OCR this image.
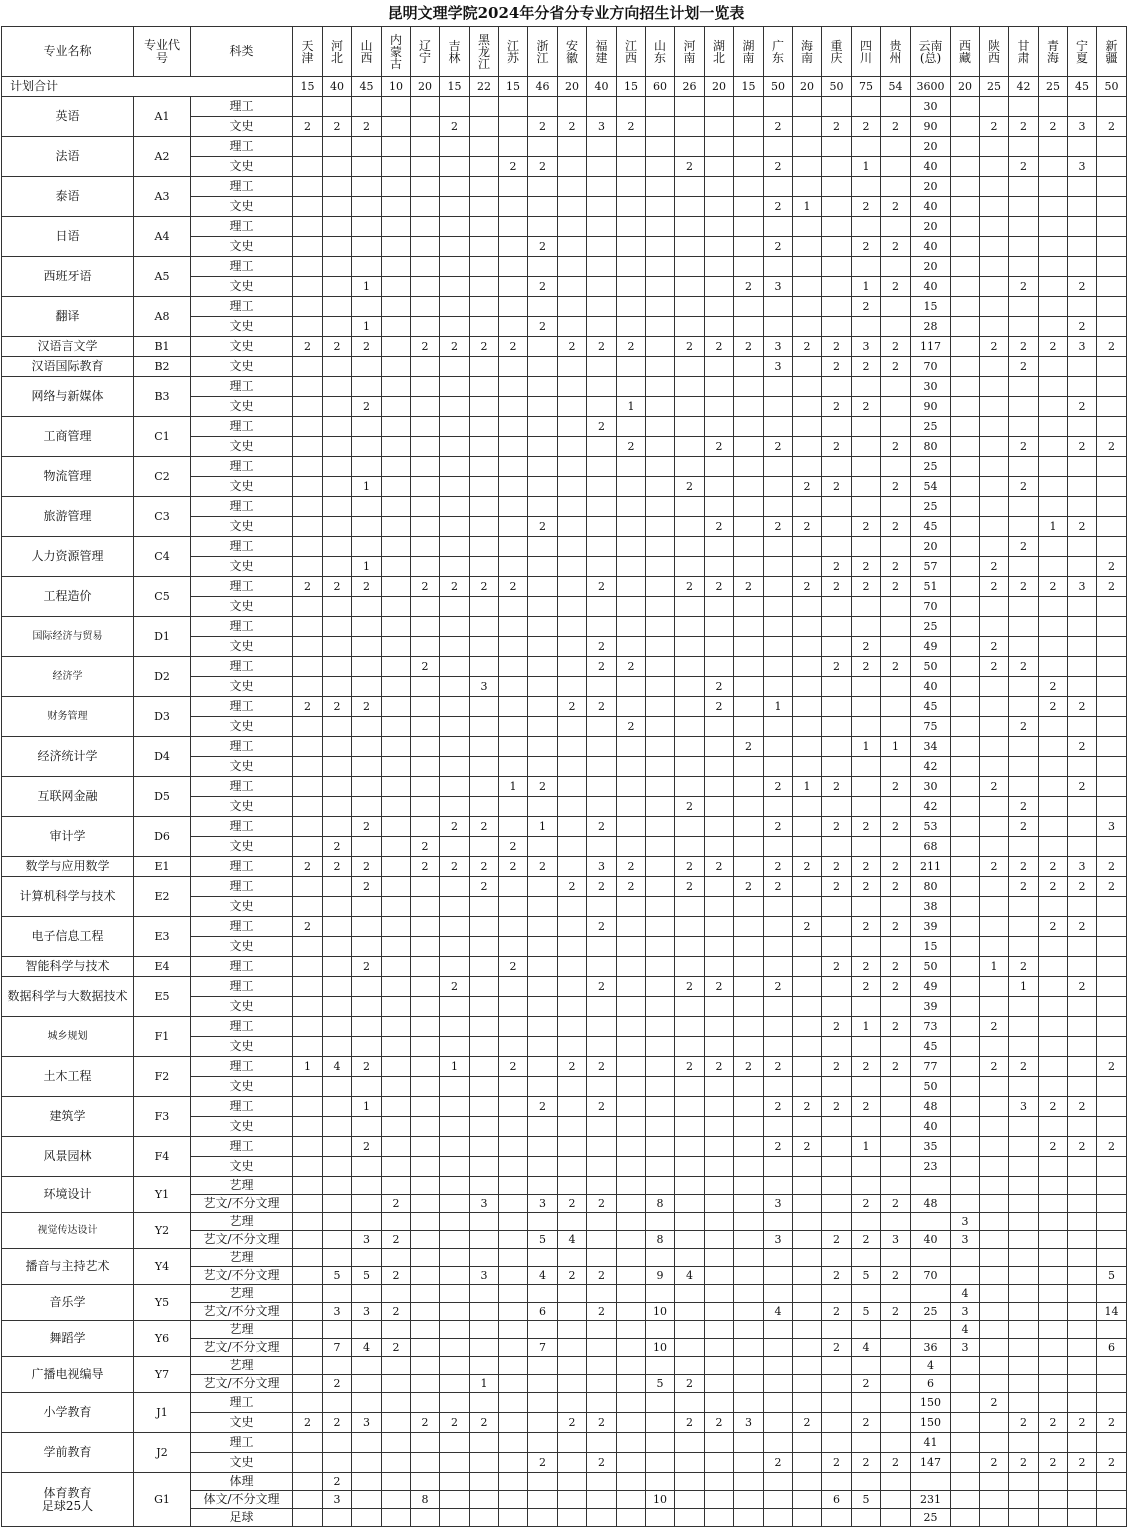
昆明文理学院2024年分省分专业方向招生计划一览表
专业名称	专业代号	科类	天津	河北	山西	内蒙古	辽宁	吉林	黑龙江	江苏	浙江	安徽	福建	江西	山东	河南	湖北	湖南	广东	海南	重庆	四川	贵州	云南(总)	西藏	陕西	甘肃	青海	宁夏	新疆
计划合计			15	40	45	10	20	15	22	15	46	20	40	15	60	26	20	15	50	20	50	75	54	3600	20	25	42	25	45	50
英语	A1	理工																						30						
		文史	2	2	2			2			2	2	3	2					2		2	2	2	90		2	2	2	3	2
法语	A2	理工																						20						
		文史								2	2					2			2			1		40			2		3	
泰语	A3	理工																						20						
		文史																	2	1		2	2	40						
日语	A4	理工																						20						
		文史									2								2			2	2	40						
西班牙语	A5	理工																						20						
		文史			1						2							2	3			1	2	40			2		2	
翻译	A8	理工																				2		15						
		文史			1						2													28					2	
汉语言文学	B1	文史	2	2	2		2	2	2	2		2	2	2		2	2	2	3	2	2	3	2	117		2	2	2	3	2
汉语国际教育	B2	文史																	3		2	2	2	70			2			
网络与新媒体	B3	理工																						30						
		文史			2									1							2	2		90					2	
工商管理	C1	理工											2											25						
		文史												2			2		2		2		2	80			2		2	2
物流管理	C2	理工																						25						
		文史			1											2				2	2		2	54			2			
旅游管理	C3	理工																						25						
		文史									2						2		2	2		2	2	45				1	2	
人力资源管理	C4	理工																						20			2			
		文史			1																2	2	2	57		2				2
工程造价	C5	理工	2	2	2		2	2	2	2			2			2	2	2		2	2	2	2	51		2	2	2	3	2
		文史																						70						
国际经济与贸易	D1	理工																						25						
		文史											2									2		49		2				
经济学	D2	理工					2						2	2							2	2	2	50		2	2			
		文史							3								2							40				2		
财务管理	D3	理工	2	2	2							2	2				2		1					45				2	2	
		文史												2										75			2			
经济统计学	D4	理工																2				1	1	34					2	
		文史																						42						
互联网金融	D5	理工								1	2								2	1	2		2	30		2			2	
		文史														2								42			2			
审计学	D6	理工			2			2	2		1		2						2		2	2	2	53			2			3
		文史		2			2			2														68						
数学与应用数学	E1	理工	2	2	2		2	2	2	2	2		3	2		2	2		2	2	2	2	2	211		2	2	2	3	2
计算机科学与技术	E2	理工			2				2			2	2	2		2		2	2		2	2	2	80			2	2	2	2
		文史																						38						
电子信息工程	E3	理工	2										2							2		2	2	39				2	2	
		文史																						15						
智能科学与技术	E4	理工			2					2											2	2	2	50		1	2			
数据科学与大数据技术	E5	理工						2					2			2	2		2			2	2	49			1		2	
		文史																						39						
城乡规划	F1	理工																			2	1	2	73		2				
		文史																						45						
土木工程	F2	理工	1	4	2			1		2		2	2			2	2	2	2		2	2	2	77		2	2			2
		文史																						50						
建筑学	F3	理工			1						2		2						2	2	2	2		48			3	2	2	
		文史																						40						
风景园林	F4	理工			2														2	2		1		35				2	2	2
		文史																						23						
环境设计	Y1	艺理																												
		艺文/不分文理				2			3		3	2	2		8				3			2	2	48						
视觉传达设计	Y2	艺理																							3					
		艺文/不分文理			3	2					5	4			8				3		2	2	3	40	3					
播音与主持艺术	Y4	艺理																												
		艺文/不分文理		5	5	2			3		4	2	2		9	4					2	5	2	70						5
音乐学	Y5	艺理																							4					
		艺文/不分文理		3	3	2					6		2		10				4		2	5	2	25	3					14
舞蹈学	Y6	艺理																							4					
		艺文/不分文理		7	4	2					7				10						2	4		36	3					6
广播电视编导	Y7	艺理																						4						
		艺文/不分文理		2					1						5	2						2		6						
小学教育	J1	理工																						150		2				
		文史	2	2	3		2	2	2			2	2			2	2	3		2		2		150			2	2	2	2
学前教育	J2	理工																						41						
		文史									2		2						2		2	2	2	147		2	2	2	2	2
体育教育
足球25人	G1	体理		2																										
		体文/不分文理		3			8								10						6	5		231						
		足球																						25						
